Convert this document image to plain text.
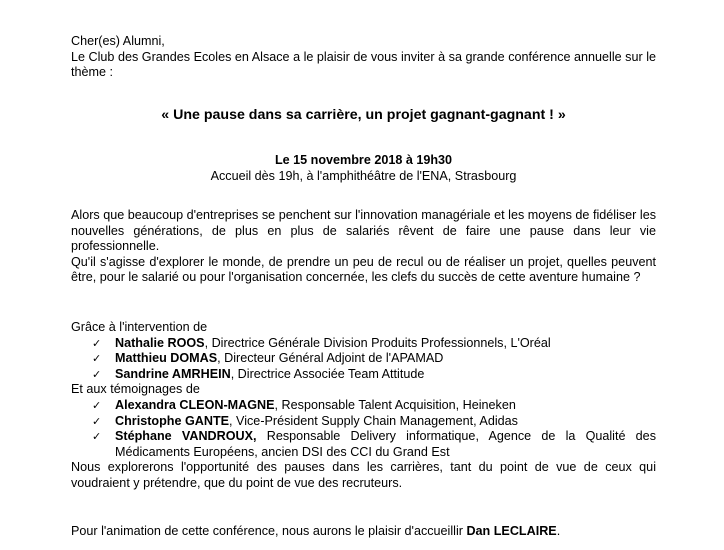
Cher(es) Alumni,

Le Club des Grandes Ecoles en Alsace a le plaisir de vous inviter à sa grande conférence annuelle sur le thème :

« Une pause dans sa carrière, un projet gagnant-gagnant ! »

Le 15 novembre 2018 à 19h30

Accueil dès 19h, à l'amphithéâtre de l'ENA, Strasbourg

Alors que beaucoup d'entreprises se penchent sur l'innovation managériale et les moyens de fidéliser les nouvelles générations, de plus en plus de salariés rêvent de faire une pause dans leur vie professionnelle.

Qu'il s'agisse d'explorer le monde, de prendre un peu de recul ou de réaliser un projet, quelles peuvent être, pour le salarié ou pour l'organisation concernée, les clefs du succès de cette aventure humaine ?

Grâce à l'intervention de

✓	Nathalie ROOS, Directrice Générale Division Produits Professionnels, L'Oréal
✓	Matthieu DOMAS, Directeur Général Adjoint de l'APAMAD
✓	Sandrine AMRHEIN, Directrice Associée Team Attitude

Et aux témoignages de

✓	Alexandra CLEON-MAGNE, Responsable Talent Acquisition, Heineken
✓	Christophe GANTE, Vice-Président Supply Chain Management, Adidas
✓	Stéphane VANDROUX, Responsable Delivery informatique, Agence de la Qualité des Médicaments Européens, ancien DSI des CCI du Grand Est

Nous explorerons l'opportunité des pauses dans les carrières, tant du point de vue de ceux qui voudraient y prétendre, que du point de vue des recruteurs.

Pour l'animation de cette conférence, nous aurons le plaisir d'accueillir Dan LECLAIRE.
